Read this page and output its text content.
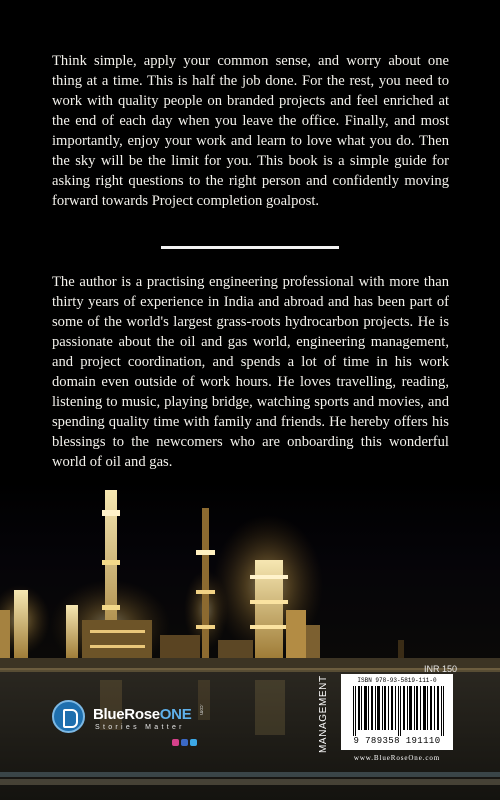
Think simple, apply your common sense, and worry about one thing at a time. This is half the job done. For the rest, you need to work with quality people on branded projects and feel enriched at the end of each day when you leave the office. Finally, and most importantly, enjoy your work and learn to love what you do. Then the sky will be the limit for you. This book is a simple guide for asking right questions to the right person and confidently moving forward towards Project completion goalpost.

The author is a practising engineering professional with more than thirty years of experience in India and abroad and has been part of some of the world's largest grass-roots hydrocarbon projects. He is passionate about the oil and gas world, engineering management, and project coordination, and spends a lot of time in his work domain even outside of work hours. He loves travelling, reading, listening to music, playing bridge, watching sports and movies, and spending quality time with family and friends. He hereby offers his blessings to the newcomers who are onboarding this wonderful world of oil and gas.

BlueRoseONE .com
Stories Matter
INR 150
MANAGEMENT	ISBN 978-93-5819-111-0
9 789358 191110
www.BlueRoseOne.com
